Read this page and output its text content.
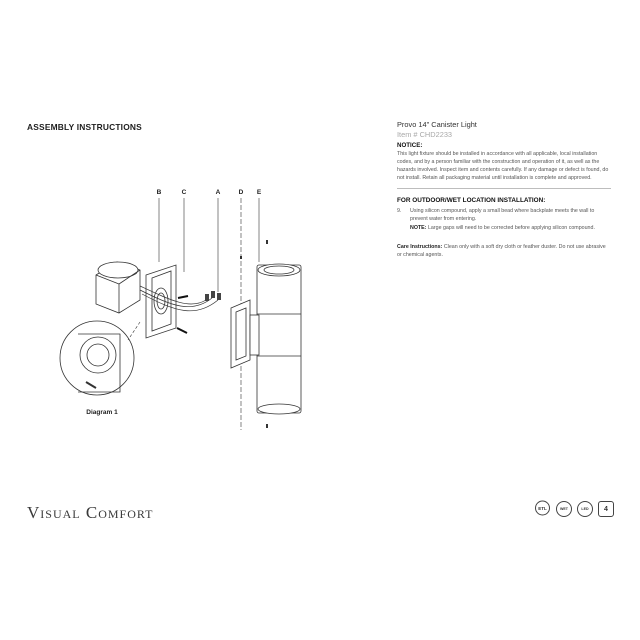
ASSEMBLY INSTRUCTIONS	Provo 14" Canister Light
Item # CHD2233
NOTICE:
This light fixture should be installed in accordance with all applicable, local installation codes, and by a person familiar with the construction and operation of it, as well as the hazards involved. Inspect item and contents carefully. If any damage or defect is found, do not install. Retain all packaging material until installation is complete and approved.
FOR OUTDOOR/WET LOCATION INSTALLATION:
9.	Using silicon compound, apply a small bead where backplate meets the wall to prevent water from entering.
NOTE: Large gaps will need to be corrected before applying silicon compound.
Care Instructions: Clean only with a soft dry cloth or feather duster. Do not use abrasive or chemical agents.
B	C	A	D E
Diagram 1
Visual Comfort	ETL	WET	LED	4
